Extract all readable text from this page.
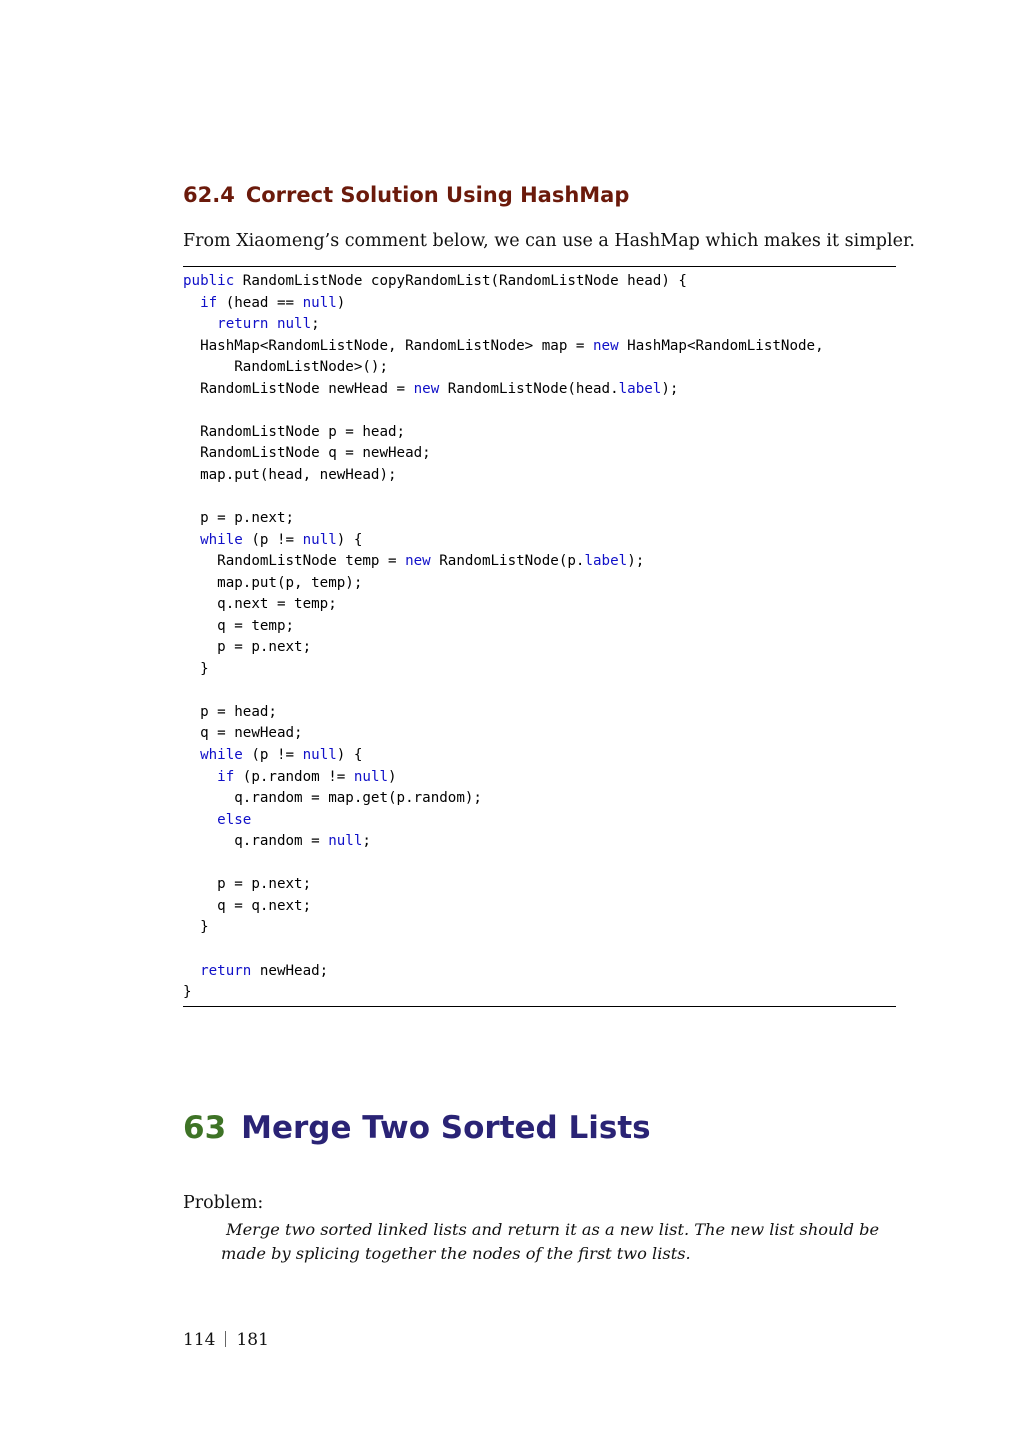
62.4 Correct Solution Using HashMap

From Xiaomeng’s comment below, we can use a HashMap which makes it simpler.

public RandomListNode copyRandomList(RandomListNode head) {
if (head == null)
return null;
HashMap<RandomListNode, RandomListNode> map = new HashMap<RandomListNode,
RandomListNode>();
RandomListNode newHead = new RandomListNode(head.label);
RandomListNode p = head;
RandomListNode q = newHead;
map.put(head, newHead);
p = p.next;
while (p != null) {
RandomListNode temp = new RandomListNode(p.label);
map.put(p, temp);
q.next = temp;
q = temp;
p = p.next;
}
p = head;
q = newHead;
while (p != null) {
if (p.random != null)
q.random = map.get(p.random);
else
q.random = null;
p = p.next;
q = q.next;
}
return newHead;
}
63 Merge Two Sorted Lists

Problem:

Merge two sorted linked lists and return it as a new list. The new list should be made by splicing together the nodes of the first two lists.

114 181
